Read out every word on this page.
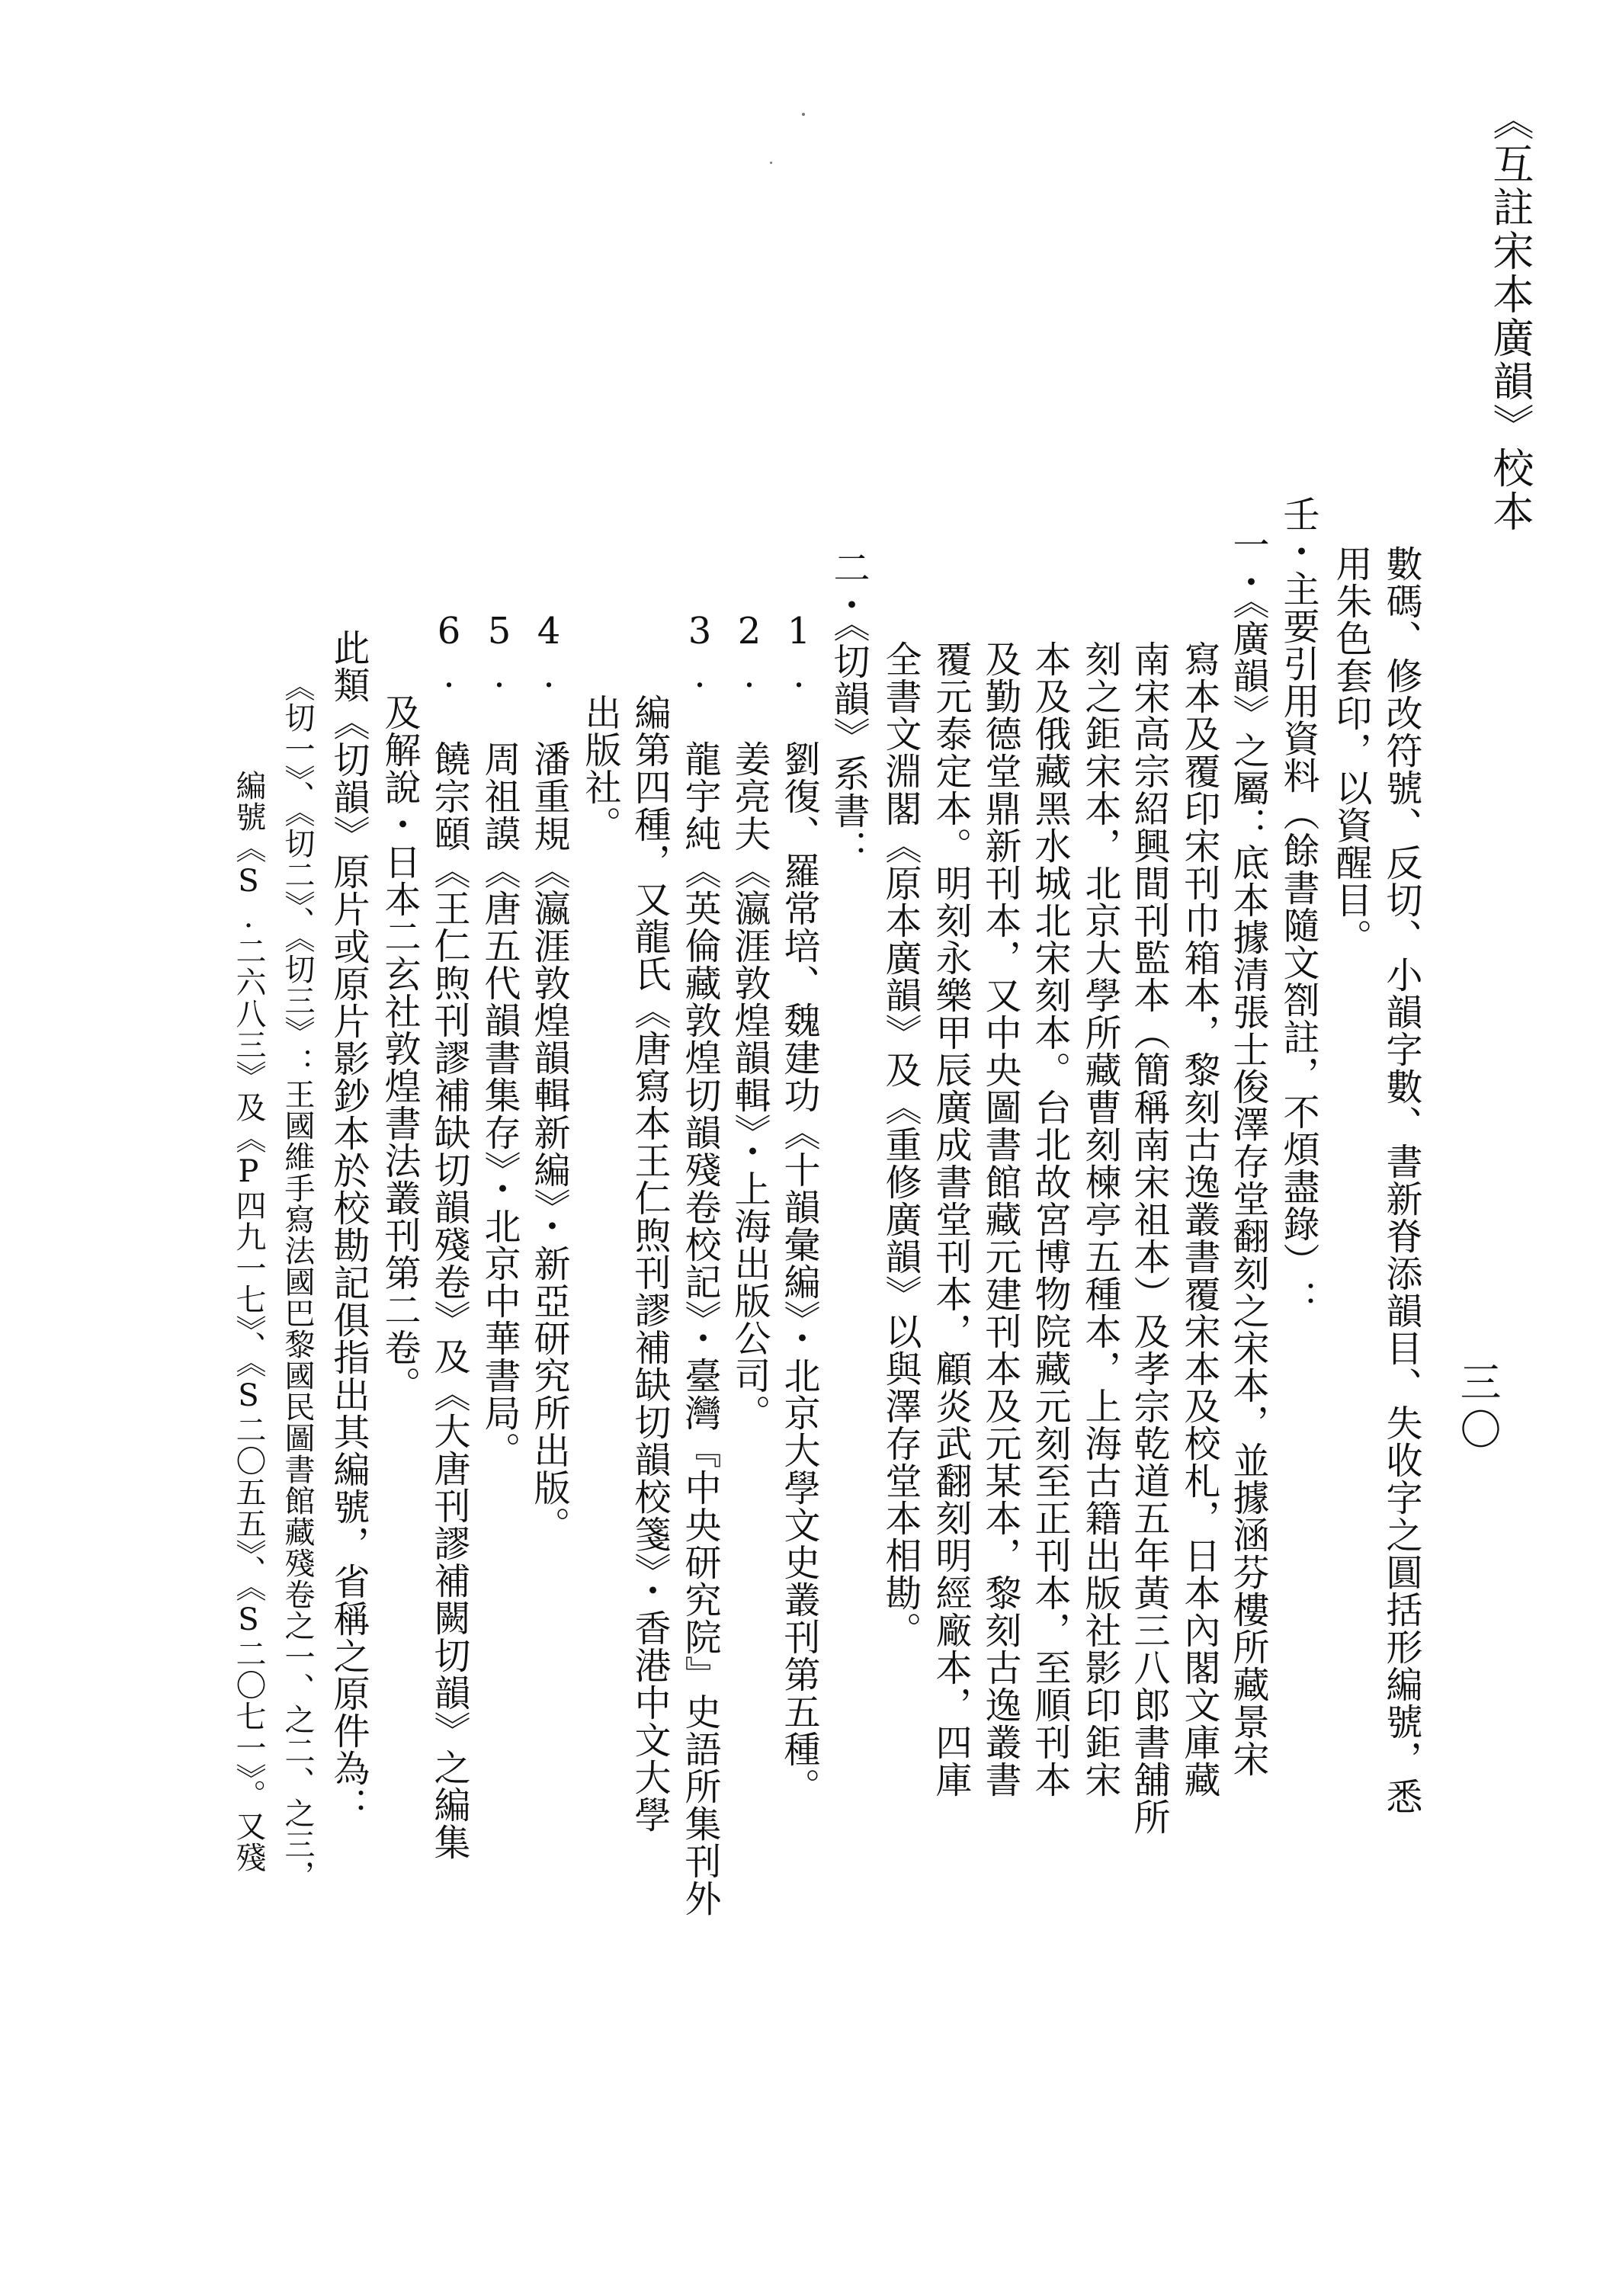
《互註宋本廣韻》校本
三〇
數碼、修改符號、反切、小韻字數、書新脊添韻目、失收字之圓括形編號，悉
用朱色套印，以資醒目。
壬・主要引用資料（餘書隨文劄註，不煩盡錄）：
一・《廣韻》之屬：底本據清張士俊澤存堂翻刻之宋本，並據涵芬樓所藏景宋
寫本及覆印宋刊巾箱本，黎刻古逸叢書覆宋本及校札，日本內閣文庫藏
南宋高宗紹興間刊監本（簡稱南宋祖本）及孝宗乾道五年黃三八郎書舖所
刻之鉅宋本，北京大學所藏曹刻楝亭五種本，上海古籍出版社影印鉅宋
本及俄藏黑水城北宋刻本。台北故宮博物院藏元刻至正刊本，至順刊本
及勤德堂鼎新刊本，又中央圖書館藏元建刊本及元某本，黎刻古逸叢書
覆元泰定本。明刻永樂甲辰廣成書堂刊本，顧炎武翻刻明經廠本，四庫
全書文淵閣《原本廣韻》及《重修廣韻》以與澤存堂本相勘。
二・《切韻》系書：
1. 劉復、羅常培、魏建功《十韻彙編》・北京大學文史叢刊第五種。
2. 姜亮夫《瀛涯敦煌韻輯》・上海出版公司。
3. 龍宇純《英倫藏敦煌切韻殘卷校記》・臺灣『中央研究院』史語所集刊外
編第四種，又龍氏《唐寫本王仁煦刊謬補缺切韻校箋》・香港中文大學
出版社。
4. 潘重規《瀛涯敦煌韻輯新編》・新亞研究所出版。
5. 周祖謨《唐五代韻書集存》・北京中華書局。
6. 饒宗頤《王仁煦刊謬補缺切韻殘卷》及《大唐刊謬補闕切韻》之編集
及解說・日本二玄社敦煌書法叢刊第二卷。
此類《切韻》原片或原片影鈔本於校勘記俱指出其編號，省稱之原件為：
《切一》、《切二》、《切三》：王國維手寫法國巴黎國民圖書館藏殘卷之一、之二、之三，
編號《S.二六八三》及《P四九一七》、《S二〇五五》、《S二〇七一》。又殘
